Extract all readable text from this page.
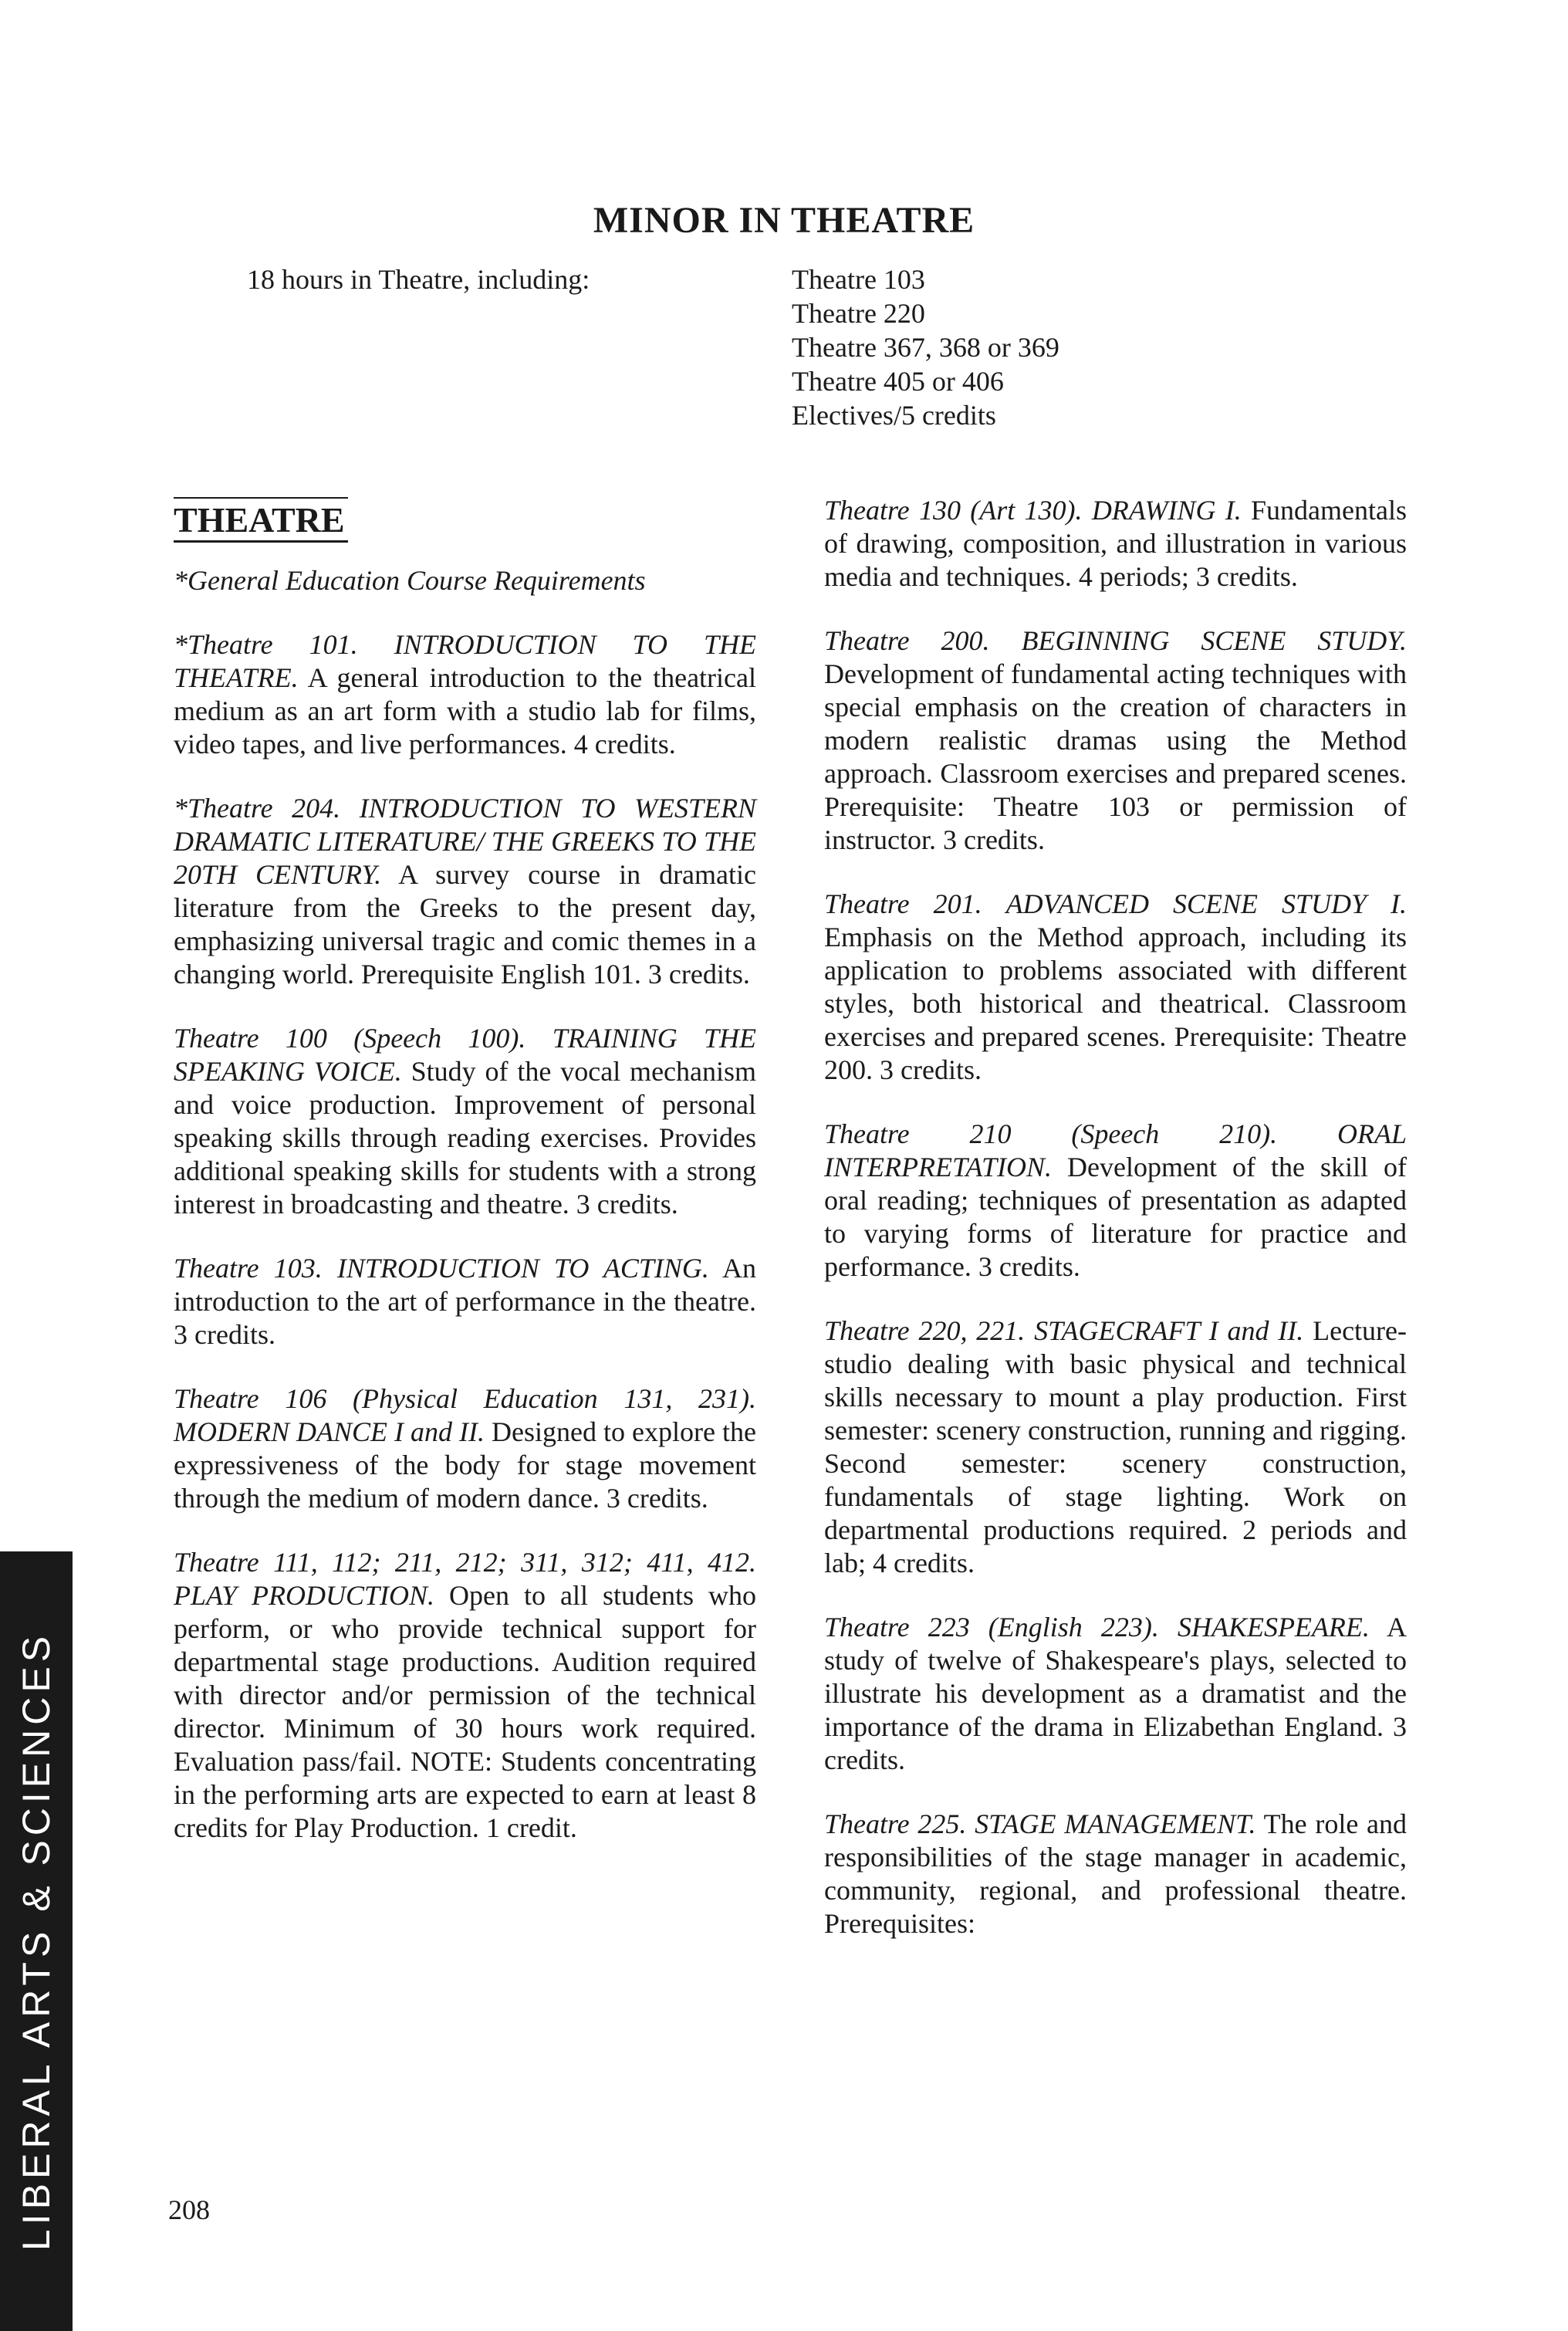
MINOR IN THEATRE
18 hours in Theatre, including:	Theatre 103
Theatre 220
Theatre 367, 368 or 369
Theatre 405 or 406
Electives/5 credits
THEATRE

*General Education Course Requirements

*Theatre 101. INTRODUCTION TO THE THEATRE. A general introduction to the theatrical medium as an art form with a studio lab for films, video tapes, and live performances. 4 credits.

*Theatre 204. INTRODUCTION TO WESTERN DRAMATIC LITERATURE/ THE GREEKS TO THE 20TH CENTURY. A survey course in dramatic literature from the Greeks to the present day, emphasizing universal tragic and comic themes in a changing world. Prerequisite English 101. 3 credits.

Theatre 100 (Speech 100). TRAINING THE SPEAKING VOICE. Study of the vocal mechanism and voice production. Improvement of personal speaking skills through reading exercises. Provides additional speaking skills for students with a strong interest in broadcasting and theatre. 3 credits.

Theatre 103. INTRODUCTION TO ACTING. An introduction to the art of performance in the theatre. 3 credits.

Theatre 106 (Physical Education 131, 231). MODERN DANCE I and II. Designed to explore the expressiveness of the body for stage movement through the medium of modern dance. 3 credits.

Theatre 111, 112; 211, 212; 311, 312; 411, 412. PLAY PRODUCTION. Open to all students who perform, or who provide technical support for departmental stage productions. Audition required with director and/or permission of the technical director. Minimum of 30 hours work required. Evaluation pass/fail. NOTE: Students concentrating in the performing arts are expected to earn at least 8 credits for Play Production. 1 credit.

Theatre 130 (Art 130). DRAWING I. Fundamentals of drawing, composition, and illustration in various media and techniques. 4 periods; 3 credits.

Theatre 200. BEGINNING SCENE STUDY. Development of fundamental acting techniques with special emphasis on the creation of characters in modern realistic dramas using the Method approach. Classroom exercises and prepared scenes. Prerequisite: Theatre 103 or permission of instructor. 3 credits.

Theatre 201. ADVANCED SCENE STUDY I. Emphasis on the Method approach, including its application to problems associated with different styles, both historical and theatrical. Classroom exercises and prepared scenes. Prerequisite: Theatre 200. 3 credits.

Theatre 210 (Speech 210). ORAL INTERPRETATION. Development of the skill of oral reading; techniques of presentation as adapted to varying forms of literature for practice and performance. 3 credits.

Theatre 220, 221. STAGECRAFT I and II. Lecture-studio dealing with basic physical and technical skills necessary to mount a play production. First semester: scenery construction, running and rigging. Second semester: scenery construction, fundamentals of stage lighting. Work on departmental productions required. 2 periods and lab; 4 credits.

Theatre 223 (English 223). SHAKESPEARE. A study of twelve of Shakespeare's plays, selected to illustrate his development as a dramatist and the importance of the drama in Elizabethan England. 3 credits.

Theatre 225. STAGE MANAGEMENT. The role and responsibilities of the stage manager in academic, community, regional, and professional theatre. Prerequisites:

LIBERAL ARTS & SCIENCES	208
